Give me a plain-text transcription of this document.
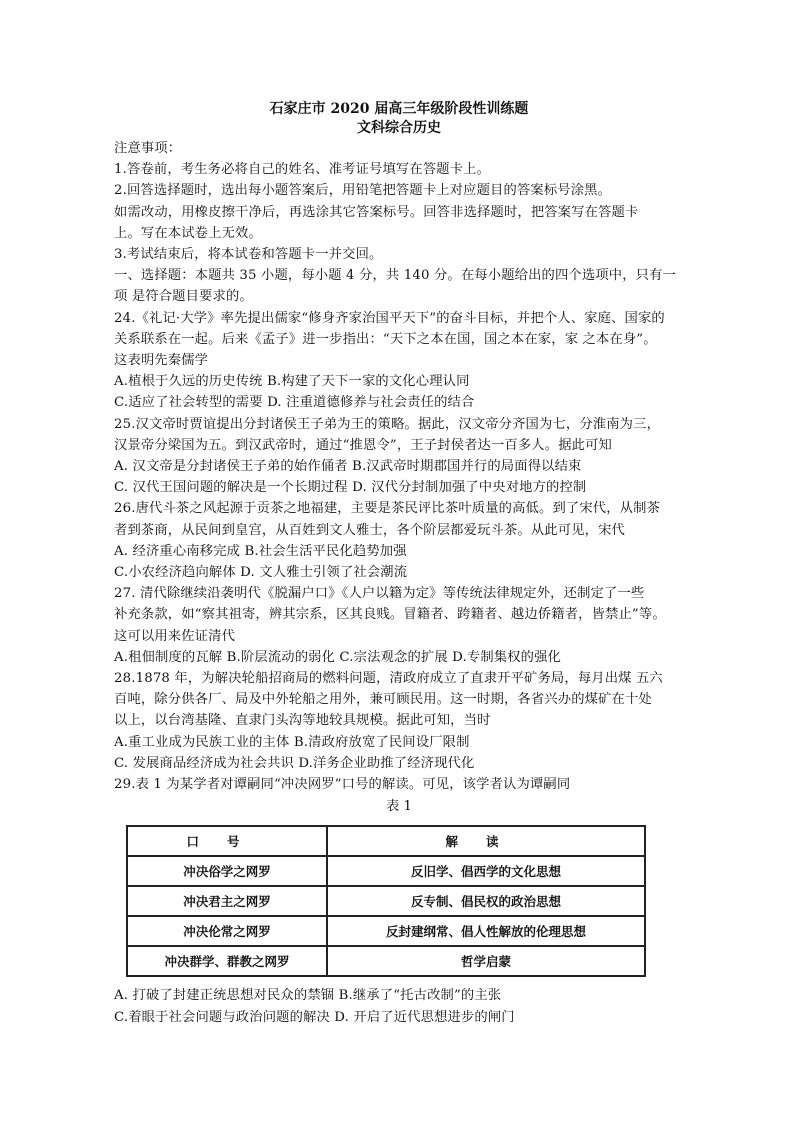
石家庄市 2020 届高三年级阶段性训练题
文科综合历史
注意事项：
1.答卷前，考生务必将自己的姓名、准考证号填写在答题卡上。
2.回答选择题时，选出每小题答案后，用铅笔把答题卡上对应题目的答案标号涂黑。
如需改动，用橡皮擦干净后，再选涂其它答案标号。回答非选择题时，把答案写在答题卡
上。写在本试卷上无效。
3.考试结束后，将本试卷和答题卡一并交回。
一、选择题：本题共 35 小题，每小题 4 分，共 140 分。在每小题给出的四个选项中，只有一
项 是符合题目要求的。
24.《礼记·大学》率先提出儒家“修身齐家治国平天下”的奋斗目标，并把个人、家庭、国家的
关系联系在一起。后来《孟子》进一步指出：“天下之本在国，国之本在家，家 之本在身”。
这表明先秦儒学
A.植根于久远的历史传统 B.构建了天下一家的文化心理认同
C.适应了社会转型的需要 D. 注重道德修养与社会责任的结合
25.汉文帝时贾谊提出分封诸侯王子弟为王的策略。据此，汉文帝分齐国为七，分淮南为三，
汉景帝分梁国为五。到汉武帝时，通过“推恩令”，王子封侯者达一百多人。据此可知
A. 汉文帝是分封诸侯王子弟的始作俑者 B.汉武帝时期郡国并行的局面得以结束
C. 汉代王国问题的解决是一个长期过程 D. 汉代分封制加强了中央对地方的控制
26.唐代斗茶之风起源于贡茶之地福建，主要是茶民评比茶叶质量的高低。到了宋代，从制茶
者到茶商，从民间到皇宫，从百姓到文人雅士，各个阶层都爱玩斗茶。从此可见，宋代
A. 经济重心南移完成 B.社会生活平民化趋势加强
C.小农经济趋向解体 D. 文人雅士引领了社会潮流
27. 清代除继续沿袭明代《脱漏户口》《人户以籍为定》等传统法律规定外，还制定了一些
补充条款，如“察其祖寄，辨其宗系，区其良贱。冒籍者、跨籍者、越边侨籍者，皆禁止”等。
这可以用来佐证清代
A.租佃制度的瓦解 B.阶层流动的弱化 C.宗法观念的扩展 D.专制集权的强化
28.1878 年，为解决轮船招商局的燃料问题，清政府成立了直隶开平矿务局，每月出煤 五六
百吨，除分供各厂、局及中外轮船之用外，兼可顾民用。这一时期，各省兴办的煤矿在十处
以上，以台湾基隆、直隶门头沟等地较具规模。据此可知，当时
A.重工业成为民族工业的主体 B.清政府放宽了民间设厂限制
C. 发展商品经济成为社会共识 D.洋务企业助推了经济现代化
29.表 1 为某学者对谭嗣同“冲决网罗”口号的解读。可见，该学者认为谭嗣同
表 1
口号	解读
冲决俗学之网罗	反旧学、倡西学的文化思想
冲决君主之网罗	反专制、倡民权的政治思想
冲决伦常之网罗	反封建纲常、倡人性解放的伦理思想
冲决群学、群教之网罗	哲学启蒙
A. 打破了封建正统思想对民众的禁锢 B.继承了“托古改制”的主张
C.着眼于社会问题与政治问题的解决 D. 开启了近代思想进步的闸门
